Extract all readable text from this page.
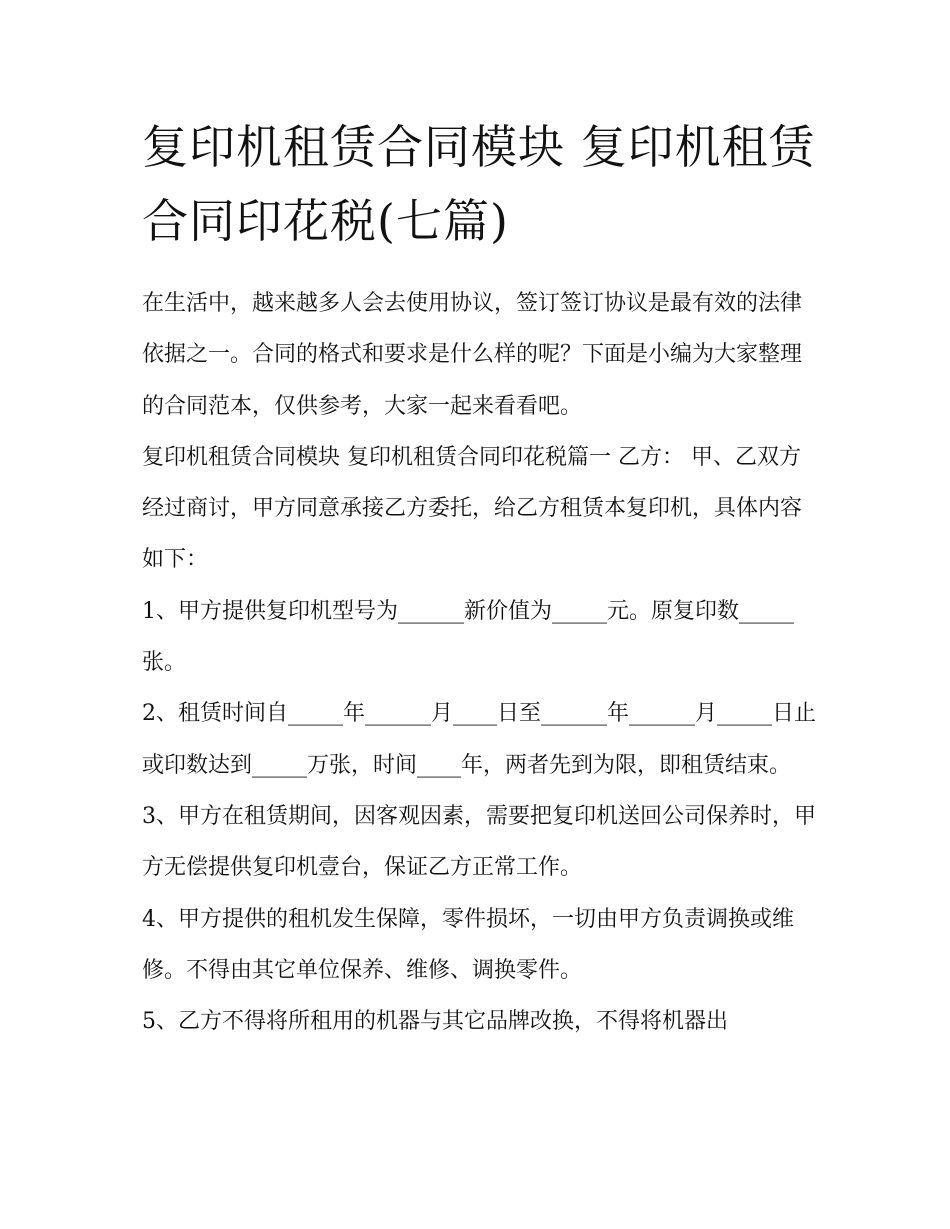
复印机租赁合同模块 复印机租赁合同印花税(七篇)

在生活中，越来越多人会去使用协议，签订签订协议是最有效的法律依据之一。合同的格式和要求是什么样的呢？下面是小编为大家整理的合同范本，仅供参考，大家一起来看看吧。

复印机租赁合同模块 复印机租赁合同印花税篇一 乙方： 甲、乙双方经过商讨，甲方同意承接乙方委托，给乙方租赁本复印机，具体内容如下：

1、甲方提供复印机型号为______新价值为_____元。原复印数_____张。

2、租赁时间自_____年______月____日至______年______月_____日止或印数达到_____万张，时间____年，两者先到为限，即租赁结束。

3、甲方在租赁期间，因客观因素，需要把复印机送回公司保养时，甲方无偿提供复印机壹台，保证乙方正常工作。

4、甲方提供的租机发生保障，零件损坏，一切由甲方负责调换或维修。不得由其它单位保养、维修、调换零件。

5、乙方不得将所租用的机器与其它品牌改换，不得将机器出
